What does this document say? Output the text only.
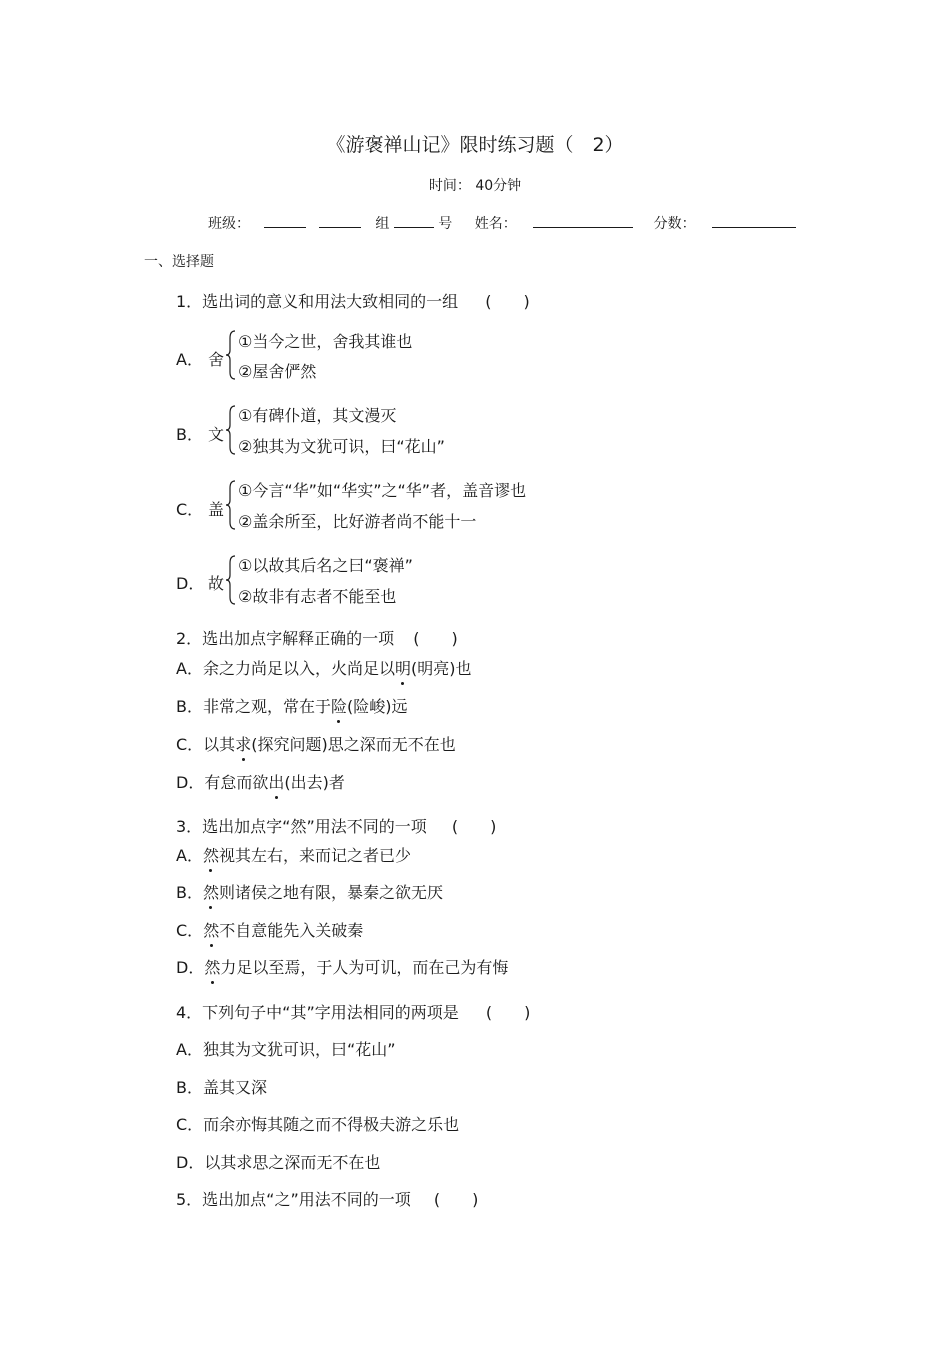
《游褒禅山记》限时练习题（　2）
时间： 40分钟
班级：	组	号 姓名：	分数：
一、选择题
1．选出词的意义和用法大致相同的一组 (　　)
A． 舍
①当今之世，舍我其谁也
②屋舍俨然
B． 文
①有碑仆道，其文漫灭
②独其为文犹可识，曰“花山”
C． 盖
①今言“华”如“华实”之“华”者，盖音谬也
②盖余所至，比好游者尚不能十一
D． 故
①以故其后名之曰“褒禅”
②故非有志者不能至也
2．选出加点字解释正确的一项 (　　)
A．余之力尚足以入，火尚足以明(明亮)也
B．非常之观，常在于险(险峻)远
C．以其求(探究问题)思之深而无不在也
D．有怠而欲出(出去)者
3．选出加点字“然”用法不同的一项 (　　)
A．然视其左右，来而记之者已少
B．然则诸侯之地有限，暴秦之欲无厌
C．然不自意能先入关破秦
D．然力足以至焉，于人为可讥，而在己为有悔
4．下列句子中“其”字用法相同的两项是 (　　)
A．独其为文犹可识，曰“花山”
B．盖其又深
C．而余亦悔其随之而不得极夫游之乐也
D．以其求思之深而无不在也
5．选出加点“之”用法不同的一项 (　　)
